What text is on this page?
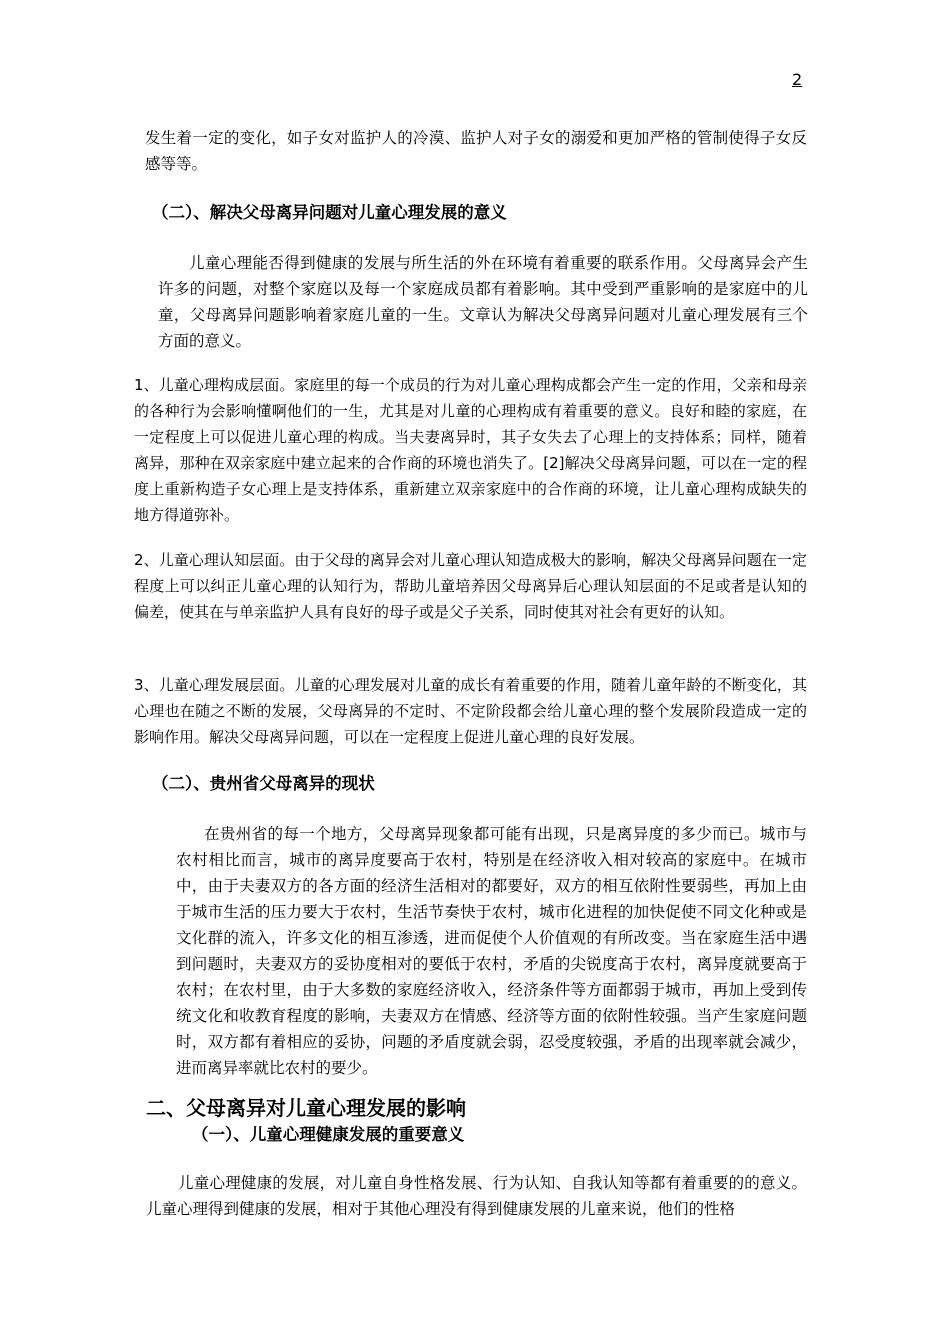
2

发生着一定的变化，如子女对监护人的冷漠、监护人对子女的溺爱和更加严格的管制使得子女反感等等。

（二）、解决父母离异问题对儿童心理发展的意义

儿童心理能否得到健康的发展与所生活的外在环境有着重要的联系作用。父母离异会产生许多的问题，对整个家庭以及每一个家庭成员都有着影响。其中受到严重影响的是家庭中的儿童，父母离异问题影响着家庭儿童的一生。文章认为解决父母离异问题对儿童心理发展有三个方面的意义。

1、儿童心理构成层面。家庭里的每一个成员的行为对儿童心理构成都会产生一定的作用，父亲和母亲的各种行为会影响懂啊他们的一生，尤其是对儿童的心理构成有着重要的意义。良好和睦的家庭，在一定程度上可以促进儿童心理的构成。当夫妻离异时，其子女失去了心理上的支持体系；同样，随着离异，那种在双亲家庭中建立起来的合作商的环境也消失了。[2]解决父母离异问题，可以在一定的程度上重新构造子女心理上是支持体系，重新建立双亲家庭中的合作商的环境，让儿童心理构成缺失的地方得道弥补。

2、儿童心理认知层面。由于父母的离异会对儿童心理认知造成极大的影响，解决父母离异问题在一定程度上可以纠正儿童心理的认知行为，帮助儿童培养因父母离异后心理认知层面的不足或者是认知的偏差，使其在与单亲监护人具有良好的母子或是父子关系，同时使其对社会有更好的认知。

3、儿童心理发展层面。儿童的心理发展对儿童的成长有着重要的作用，随着儿童年龄的不断变化，其心理也在随之不断的发展，父母离异的不定时、不定阶段都会给儿童心理的整个发展阶段造成一定的影响作用。解决父母离异问题，可以在一定程度上促进儿童心理的良好发展。

（二）、贵州省父母离异的现状

在贵州省的每一个地方，父母离异现象都可能有出现，只是离异度的多少而已。城市与农村相比而言，城市的离异度要高于农村，特别是在经济收入相对较高的家庭中。在城市中，由于夫妻双方的各方面的经济生活相对的都要好，双方的相互依附性要弱些，再加上由于城市生活的压力要大于农村，生活节奏快于农村，城市化进程的加快促使不同文化种或是文化群的流入，许多文化的相互渗透，进而促使个人价值观的有所改变。当在家庭生活中遇到问题时，夫妻双方的妥协度相对的要低于农村，矛盾的尖锐度高于农村，离异度就要高于农村；在农村里，由于大多数的家庭经济收入，经济条件等方面都弱于城市，再加上受到传统文化和收教育程度的影响，夫妻双方在情感、经济等方面的依附性较强。当产生家庭问题时，双方都有着相应的妥协，问题的矛盾度就会弱，忍受度较强，矛盾的出现率就会减少，进而离异率就比农村的要少。

二、父母离异对儿童心理发展的影响
（一）、儿童心理健康发展的重要意义

儿童心理健康的发展，对儿童自身性格发展、行为认知、自我认知等都有着重要的的意义。儿童心理得到健康的发展，相对于其他心理没有得到健康发展的儿童来说，他们的性格
